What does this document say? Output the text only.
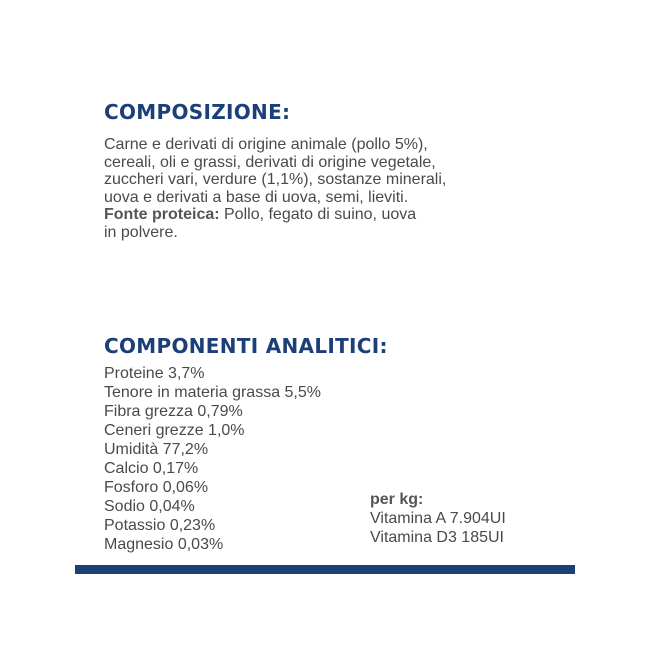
COMPOSIZIONE:
Carne e derivati di origine animale (pollo 5%),
cereali, oli e grassi, derivati di origine vegetale,
zuccheri vari, verdure (1,1%), sostanze minerali,
uova e derivati a base di uova, semi, lieviti.
Fonte proteica: Pollo, fegato di suino, uova
in polvere.
COMPONENTI ANALITICI:
Proteine 3,7%
Tenore in materia grassa 5,5%
Fibra grezza 0,79%
Ceneri grezze 1,0%
Umidità 77,2%
Calcio 0,17%
Fosforo 0,06%
Sodio 0,04%
Potassio 0,23%
Magnesio 0,03%
per kg:
Vitamina A 7.904UI
Vitamina D3 185UI
